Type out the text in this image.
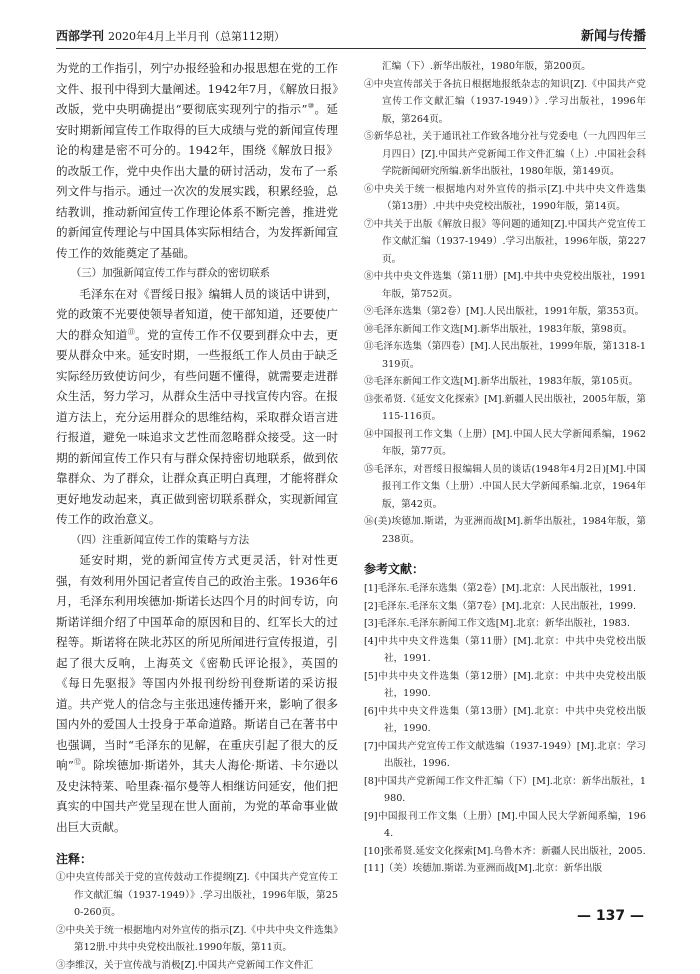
西部学刊 2020年4月上半月刊（总第112期）	新闻与传播

为党的工作指引，列宁办报经验和办报思想在党的工作文件、报刊中得到大量阐述。1942年7月，《解放日报》改版，党中央明确提出“要彻底实现列宁的指示”⑩。延安时期新闻宣传工作取得的巨大成绩与党的新闻宣传理论的构建是密不可分的。1942年，围绕《解放日报》的改版工作，党中央作出大量的研讨活动，发布了一系列文件与指示。通过一次次的发展实践，积累经验，总结教训，推动新闻宣传工作理论体系不断完善，推进党的新闻宣传理论与中国具体实际相结合，为发挥新闻宣传工作的效能奠定了基础。

（三）加强新闻宣传工作与群众的密切联系

毛泽东在对《晋绥日报》编辑人员的谈话中讲到，党的政策不光要使领导者知道，使干部知道，还要使广大的群众知道⑪。党的宣传工作不仅要到群众中去，更要从群众中来。延安时期，一些报纸工作人员由于缺乏实际经历致使访问少，有些问题不懂得，就需要走进群众生活，努力学习，从群众生活中寻找宣传内容。在报道方法上，充分运用群众的思维结构，采取群众语言进行报道，避免一味追求文艺性而忽略群众接受。这一时期的新闻宣传工作只有与群众保持密切地联系，做到依靠群众、为了群众，让群众真正明白真理，才能将群众更好地发动起来，真正做到密切联系群众，实现新闻宣传工作的政治意义。

（四）注重新闻宣传工作的策略与方法

延安时期，党的新闻宣传方式更灵活，针对性更强，有效利用外国记者宣传自己的政治主张。1936年6月，毛泽东利用埃德加·斯诺长达四个月的时间专访，向斯诺详细介绍了中国革命的原因和目的、红军长大的过程等。斯诺将在陕北苏区的所见所闻进行宣传报道，引起了很大反响，上海英文《密勒氏评论报》，英国的《每日先驱报》等国内外报刊纷纷刊登斯诺的采访报道。共产党人的信念与主张迅速传播开来，影响了很多国内外的爱国人士投身于革命道路。斯诺自己在著书中也强调，当时“毛泽东的见解，在重庆引起了很大的反响”⑫。除埃德加·斯诺外，其夫人海伦·斯诺、卡尔逊以及史沫特莱、哈里森·福尔曼等人相继访问延安，他们把真实的中国共产党呈现在世人面前，为党的革命事业做出巨大贡献。

注释：

①中央宣传部关于党的宣传鼓动工作提纲[Z].《中国共产党宣传工作文献汇编（1937-1949）》.学习出版社，1996年版，第250-260页。

②中央关于统一根据地内对外宣传的指示[Z].《中共中央文件选集》第12册.中共中央党校出版社.1990年版，第11页。

③李维汉，关于宣传战与消极[Z].中国共产党新闻工作文件汇

汇编（下）.新华出版社，1980年版，第200页。

④中央宣传部关于各抗日根据地报纸杂志的知识[Z].《中国共产党宣传工作文献汇编（1937-1949）》.学习出版社，1996年版，第264页。

⑤新华总社，关于通讯社工作致各地分社与党委电（一九四四年三月四日）[Z].中国共产党新闻工作文件汇编（上）.中国社会科学院新闻研究所编.新华出版社，1980年版，第149页。

⑥中央关于统一根据地内对外宣传的指示[Z].中共中央文件选集（第13册）.中共中央党校出版社，1990年版，第14页。

⑦中共关于出版《解放日报》等问题的通知[Z].中国共产党宣传工作文献汇编（1937-1949）.学习出版社，1996年版，第227页。

⑧中共中央文件选集（第11册）[M].中共中央党校出版社，1991年版，第752页。

⑨毛泽东选集（第2卷）[M].人民出版社，1991年版，第353页。

⑩毛泽东新闻工作文选[M].新华出版社，1983年版，第98页。

⑪毛泽东选集（第四卷）[M].人民出版社，1999年版，第1318-1319页。

⑫毛泽东新闻工作文选[M].新华出版社，1983年版，第105页。

⑬张希贤.《延安文化探索》[M].新疆人民出版社，2005年版，第115-116页。

⑭中国报刊工作文集（上册）[M].中国人民大学新闻系编，1962年版，第77页。

⑮毛泽东，对晋绥日报编辑人员的谈话(1948年4月2日)[M].中国报刊工作文集（上册）.中国人民大学新闻系编.北京，1964年版，第42页。

⑯(美)埃德加.斯诺，为亚洲而战[M].新华出版社，1984年版，第238页。

参考文献：

[1]毛泽东.毛泽东选集（第2卷）[M].北京：人民出版社，1991.

[2]毛泽东.毛泽东文集（第7卷）[M].北京：人民出版社，1999.

[3]毛泽东.毛泽东新闻工作文选[M].北京：新华出版社，1983.

[4]中共中央文件选集（第11册）[M].北京：中共中央党校出版社，1991.

[5]中共中央文件选集（第12册）[M].北京：中共中央党校出版社，1990.

[6]中共中央文件选集（第13册）[M].北京：中共中央党校出版社，1990.

[7]中国共产党宣传工作文献选编（1937-1949）[M].北京：学习出版社，1996.

[8]中国共产党新闻工作文件汇编（下）[M].北京：新华出版社，1980.

[9]中国报刊工作文集（上册）[M].中国人民大学新闻系编，1964.

[10]张希贤.延安文化探索[M].乌鲁木齐：新疆人民出版社，2005.

[11]（美）埃德加.斯诺.为亚洲而战[M].北京：新华出版

— 137 —
